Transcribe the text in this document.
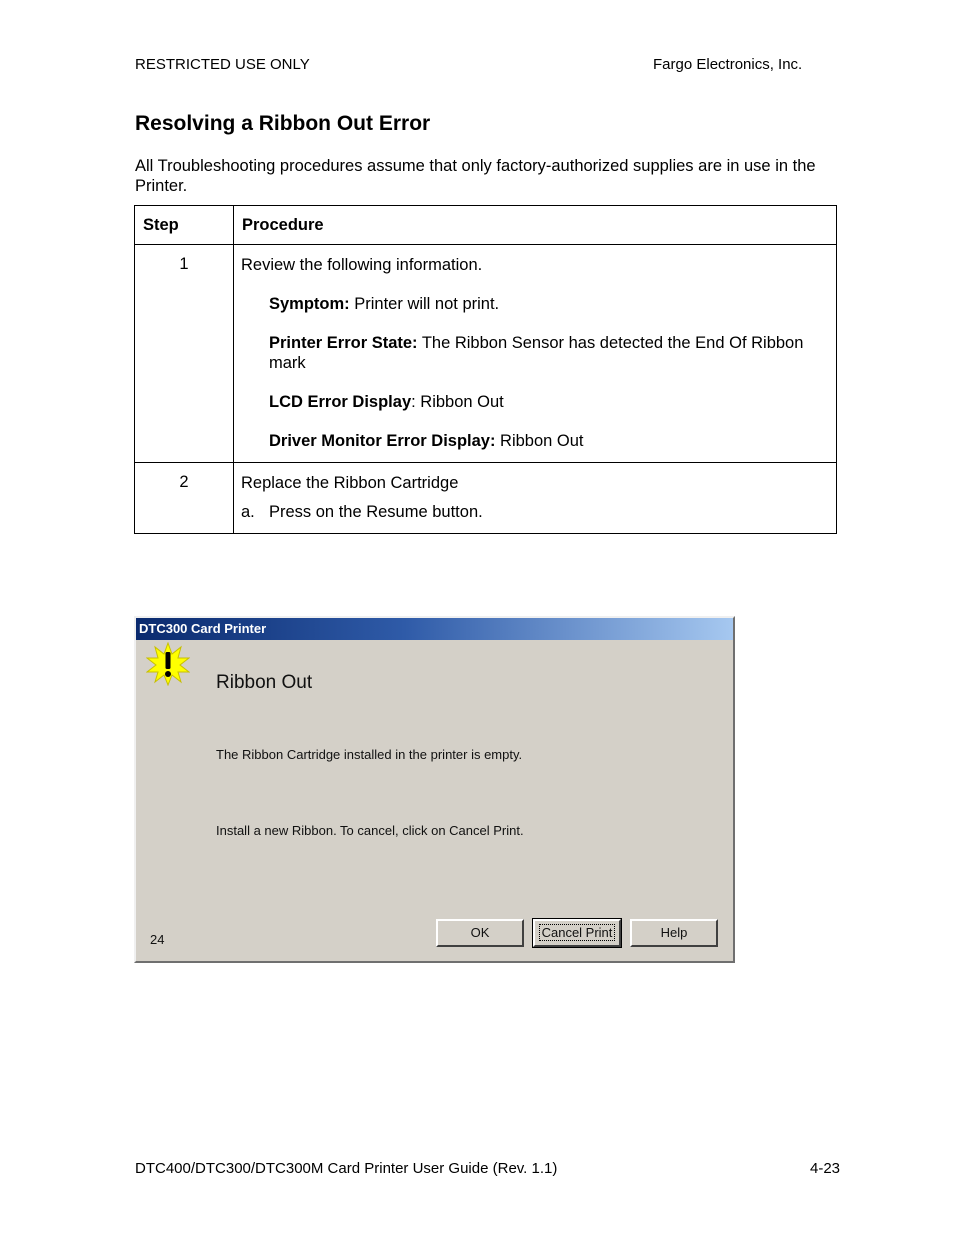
RESTRICTED USE ONLY	Fargo Electronics, Inc.
Resolving a Ribbon Out Error

All Troubleshooting procedures assume that only factory-authorized supplies are in use in the Printer.

Step	Procedure
1	Review the following information.
Symptom: Printer will not print.
Printer Error State: The Ribbon Sensor has detected the End Of Ribbon mark
LCD Error Display: Ribbon Out
Driver Monitor Error Display: Ribbon Out

2	Replace the Ribbon Cartridge
a. Press on the Resume button.
DTC300 Card Printer
Ribbon Out
The Ribbon Cartridge installed in the printer is empty.
Install a new Ribbon. To cancel, click on Cancel Print.
24	OK	Cancel Print	Help
DTC400/DTC300/DTC300M Card Printer User Guide (Rev. 1.1)	4-23
